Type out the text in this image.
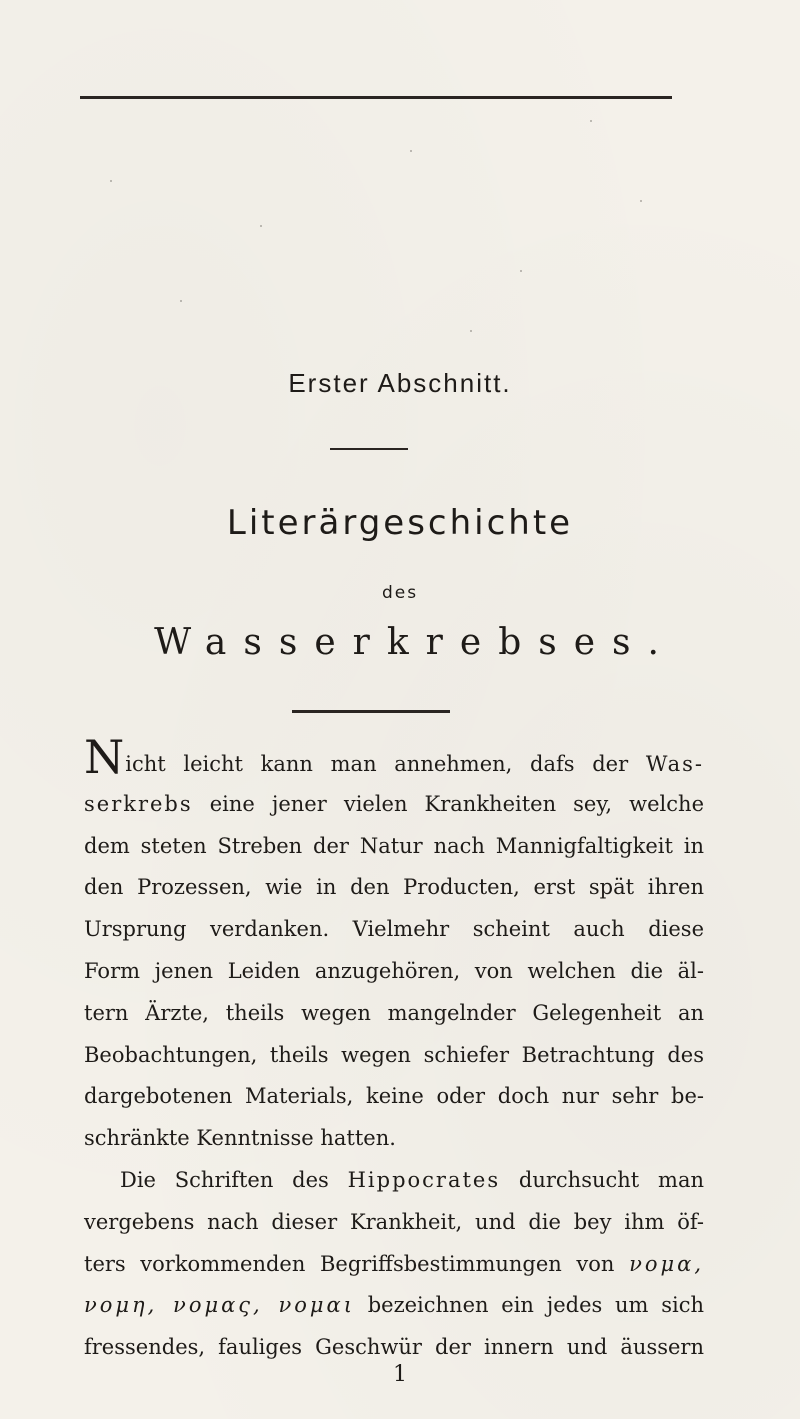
Erster Abschnitt.
Literärgeschichte
des
Wasserkrebses.
Nicht leicht kann man annehmen, dafs der Was-
serkrebs eine jener vielen Krankheiten sey, welche
dem steten Streben der Natur nach Mannigfaltigkeit in
den Prozessen, wie in den Producten, erst spät ihren
Ursprung verdanken. Vielmehr scheint auch diese
Form jenen Leiden anzugehören, von welchen die äl-
tern Ärzte, theils wegen mangelnder Gelegenheit an
Beobachtungen, theils wegen schiefer Betrachtung des
dargebotenen Materials, keine oder doch nur sehr be-
schränkte Kenntnisse hatten.
Die Schriften des Hippocrates durchsucht man
vergebens nach dieser Krankheit, und die bey ihm öf-
ters vorkommenden Begriffsbestimmungen von νομα,
νομη, νομας, νομαι bezeichnen ein jedes um sich
fressendes, fauliges Geschwür der innern und äussern
1
